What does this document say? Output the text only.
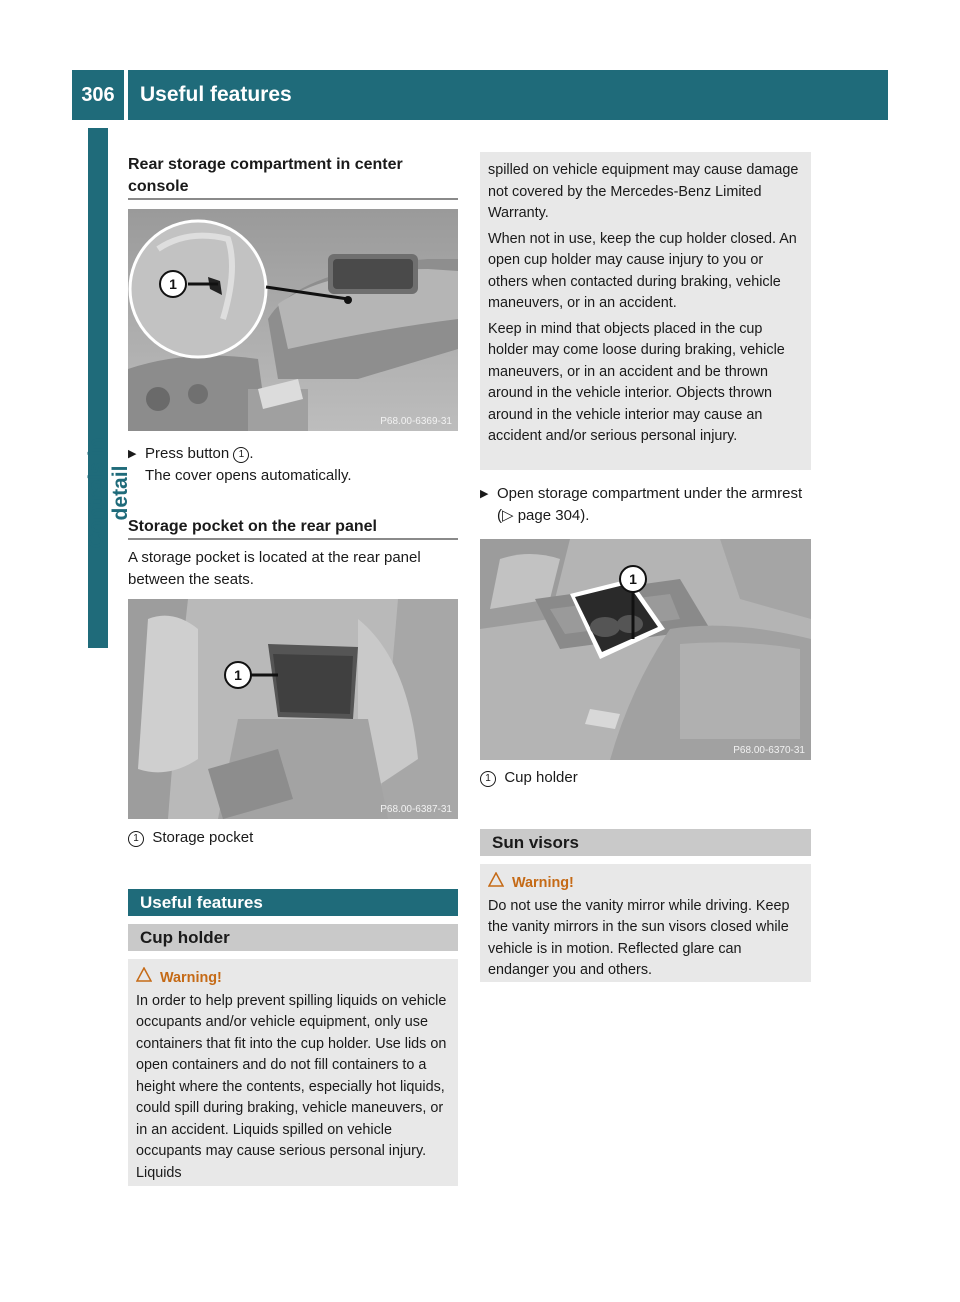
306	Useful features
Controls in detail
Rear storage compartment in center console
1
P68.00-6369-31
▶ Press button 1 .
The cover opens automatically.
Storage pocket on the rear panel
A storage pocket is located at the rear panel between the seats.
1
P68.00-6387-31
1 Storage pocket
Useful features
Cup holder
Warning!

In order to help prevent spilling liquids on vehicle occupants and/or vehicle equipment, only use containers that fit into the cup holder. Use lids on open containers and do not fill containers to a height where the contents, especially hot liquids, could spill during braking, vehicle maneuvers, or in an accident. Liquids spilled on vehicle occupants may cause serious personal injury. Liquids

spilled on vehicle equipment may cause damage not covered by the Mercedes-Benz Limited Warranty.

When not in use, keep the cup holder closed. An open cup holder may cause injury to you or others when contacted during braking, vehicle maneuvers, or in an accident.

Keep in mind that objects placed in the cup holder may come loose during braking, vehicle maneuvers, or in an accident and be thrown around in the vehicle interior. Objects thrown around in the vehicle interior may cause an accident and/or serious personal injury.

▶ Open storage compartment under the armrest (▷ page 304).
1
P68.00-6370-31
1 Cup holder
Sun visors
Warning!

Do not use the vanity mirror while driving. Keep the vanity mirrors in the sun visors closed while vehicle is in motion. Reflected glare can endanger you and others.
